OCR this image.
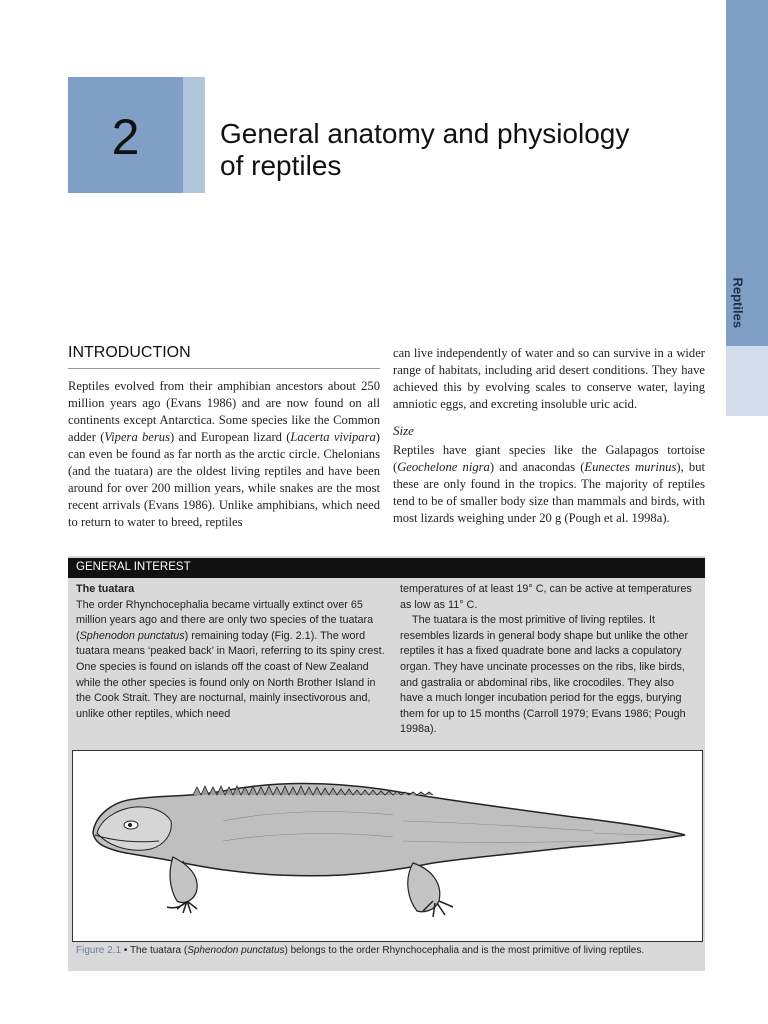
Reptiles
2	General anatomy and physiology
of reptiles
INTRODUCTION
Reptiles evolved from their amphibian ancestors about 250 million years ago (Evans 1986) and are now found on all continents except Antarctica. Some species like the Common adder (Vipera berus) and European lizard (Lacerta vivipara) can even be found as far north as the arctic circle. Chelonians (and the tuatara) are the oldest living reptiles and have been around for over 200 million years, while snakes are the most recent arrivals (Evans 1986). Unlike amphibians, which need to return to water to breed, reptiles
can live independently of water and so can survive in a wider range of habitats, including arid desert conditions. They have achieved this by evolving scales to conserve water, laying amniotic eggs, and excreting insoluble uric acid.
Size
Reptiles have giant species like the Galapagos tortoise (Geochelone nigra) and anacondas (Eunectes murinus), but these are only found in the tropics. The majority of reptiles tend to be of smaller body size than mammals and birds, with most lizards weighing under 20 g (Pough et al. 1998a).
GENERAL INTEREST
The tuatara
The order Rhynchocephalia became virtually extinct over 65 million years ago and there are only two species of the tuatara (Sphenodon punctatus) remaining today (Fig. 2.1). The word tuatara means ‘peaked back’ in Maori, referring to its spiny crest. One species is found on islands off the coast of New Zealand while the other species is found only on North Brother Island in the Cook Strait. They are nocturnal, mainly insectivorous and, unlike other reptiles, which need
temperatures of at least 19° C, can be active at temperatures as low as 11° C.
The tuatara is the most primitive of living reptiles. It resembles lizards in general body shape but unlike the other reptiles it has a fixed quadrate bone and lacks a copulatory organ. They have uncinate processes on the ribs, like birds, and gastralia or abdominal ribs, like crocodiles. They also have a much longer incubation period for the eggs, burying them for up to 15 months (Carroll 1979; Evans 1986; Pough 1998a).
Figure 2.1 • The tuatara (Sphenodon punctatus) belongs to the order Rhynchocephalia and is the most primitive of living reptiles.
